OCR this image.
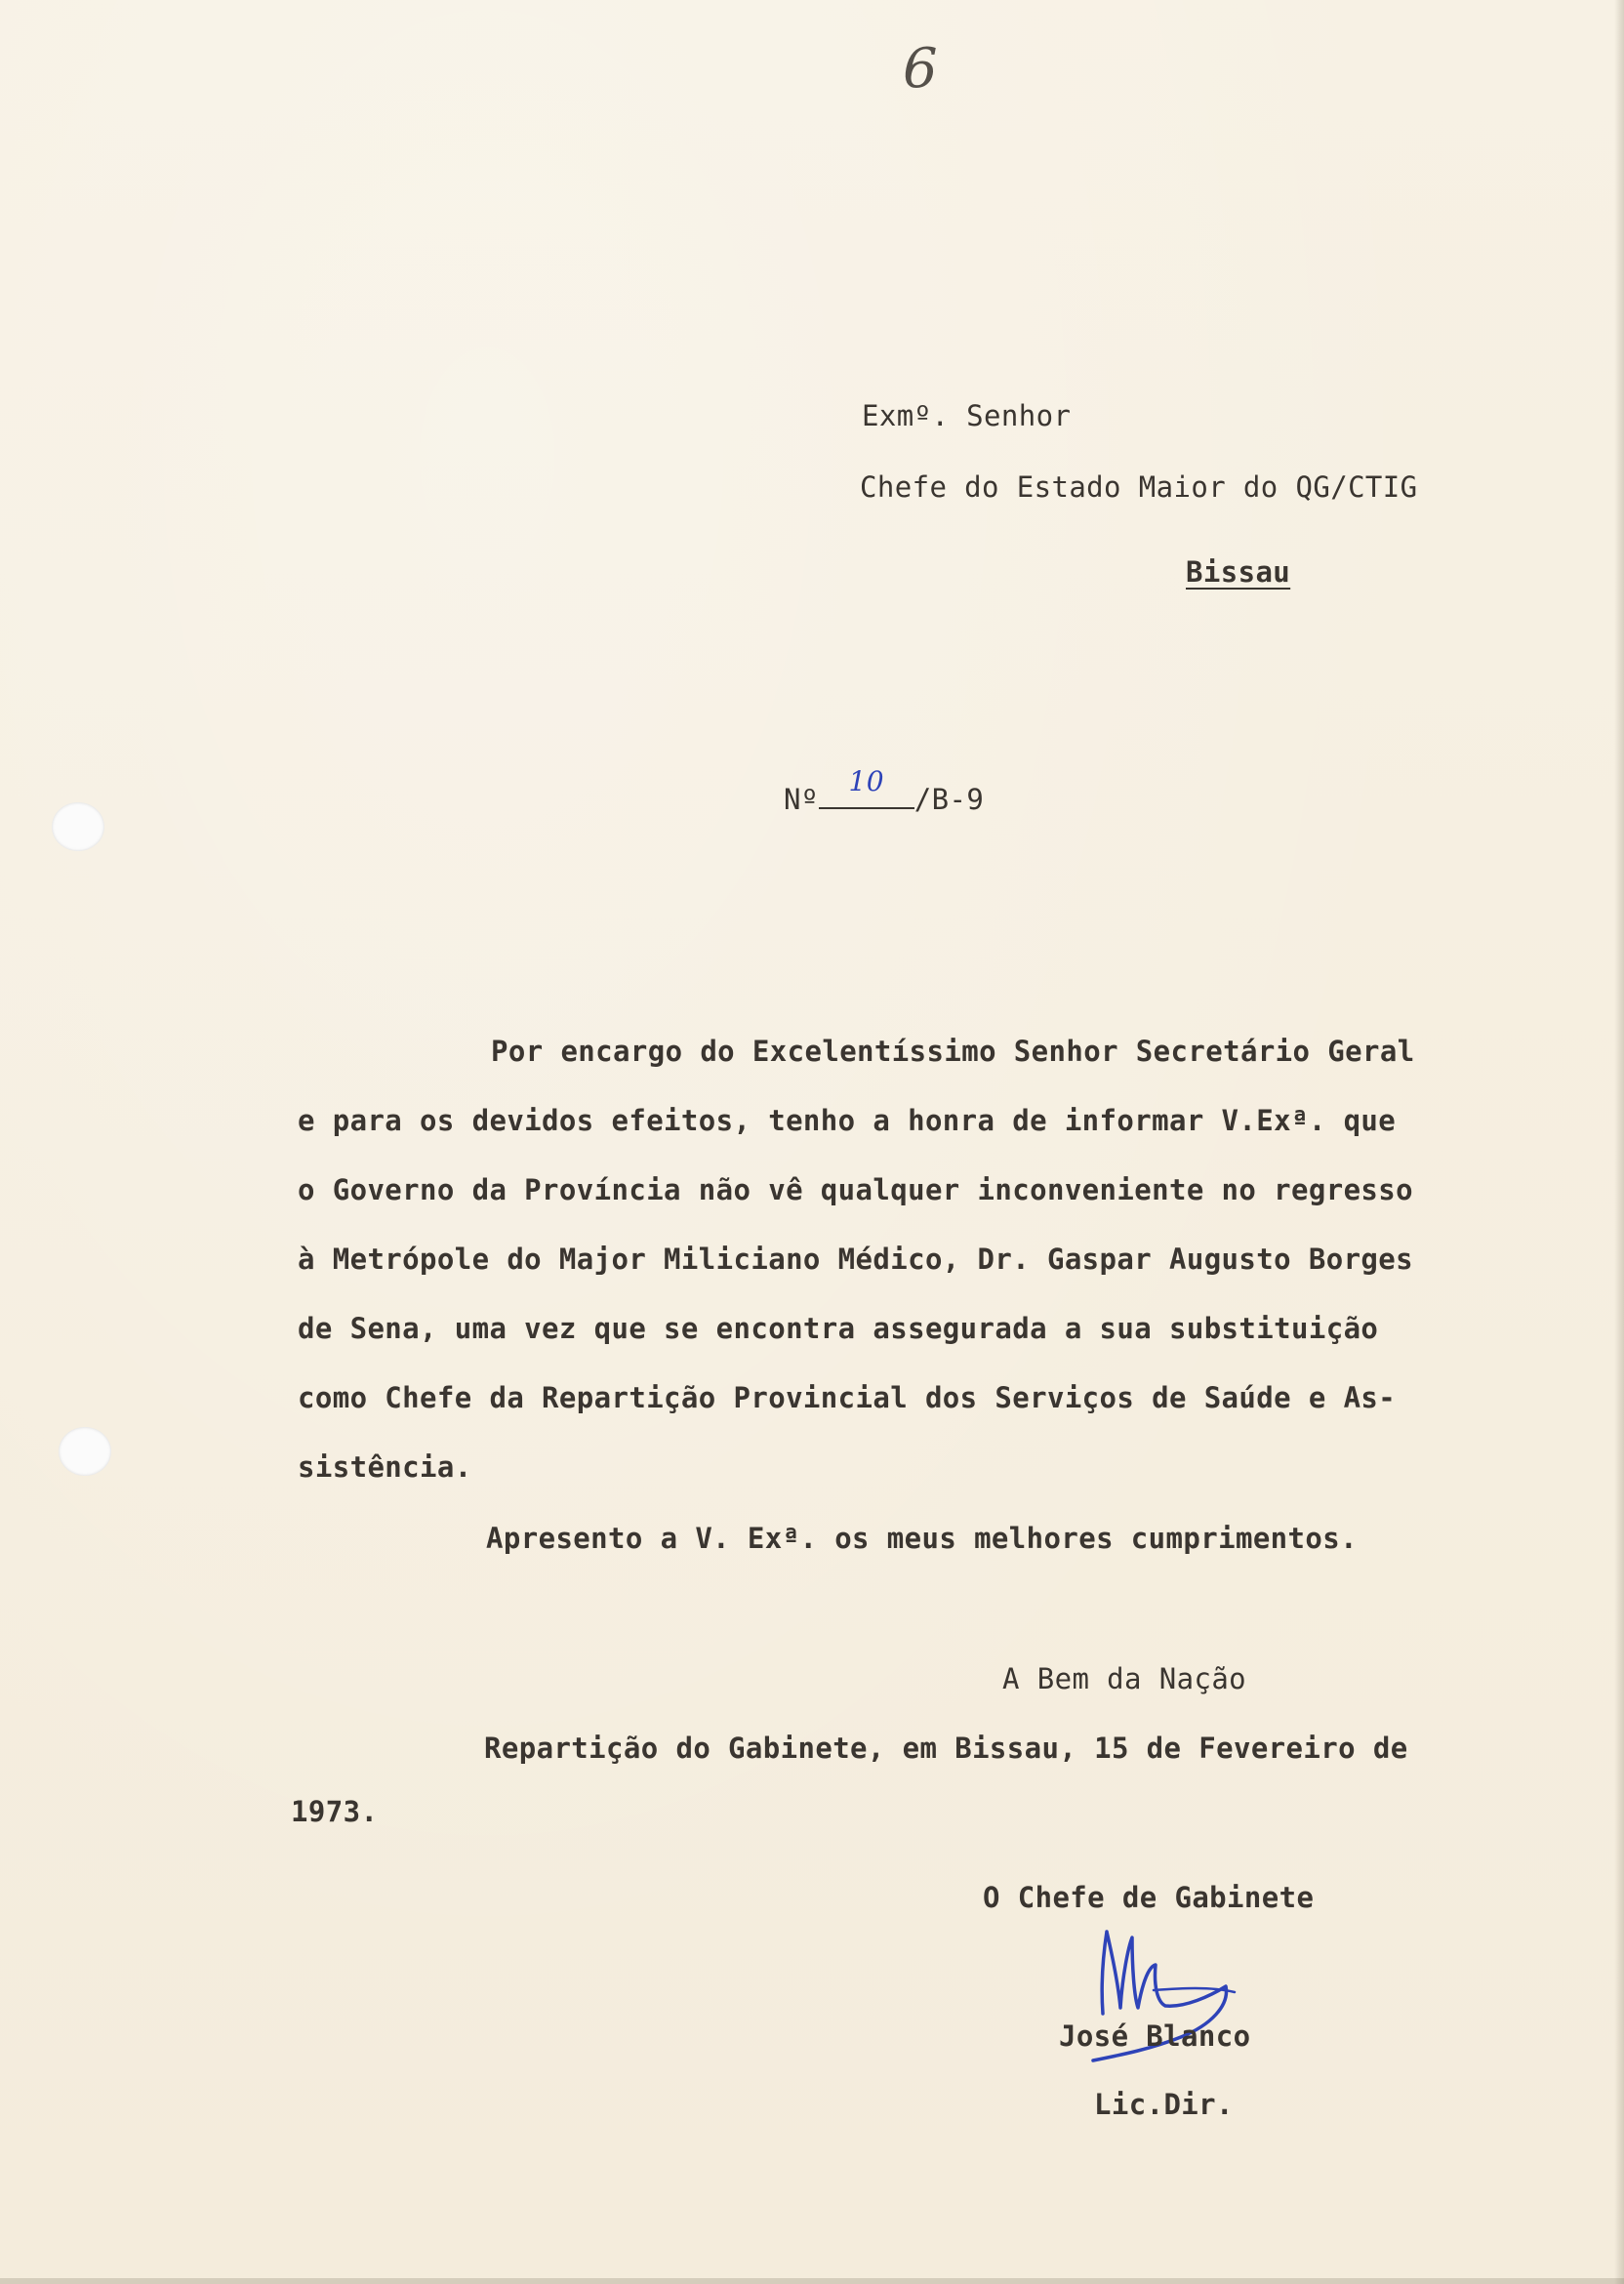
6
Exmº. Senhor
Chefe do Estado Maior do QG/CTIG
Bissau
Nº
10
/B-9
Por encargo do Excelentíssimo Senhor Secretário Geral
e para os devidos efeitos, tenho a honra de informar V.Exª. que
o Governo da Província não vê qualquer inconveniente no regresso
à Metrópole do Major Miliciano Médico, Dr. Gaspar Augusto Borges
de Sena, uma vez que se encontra assegurada a sua substituição
como Chefe da Repartição Provincial dos Serviços de Saúde e As-
sistência.
Apresento a V. Exª. os meus melhores cumprimentos.
A Bem da Nação
Repartição do Gabinete, em Bissau, 15 de Fevereiro de
1973.
O Chefe de Gabinete
José Blanco
Lic.Dir.
